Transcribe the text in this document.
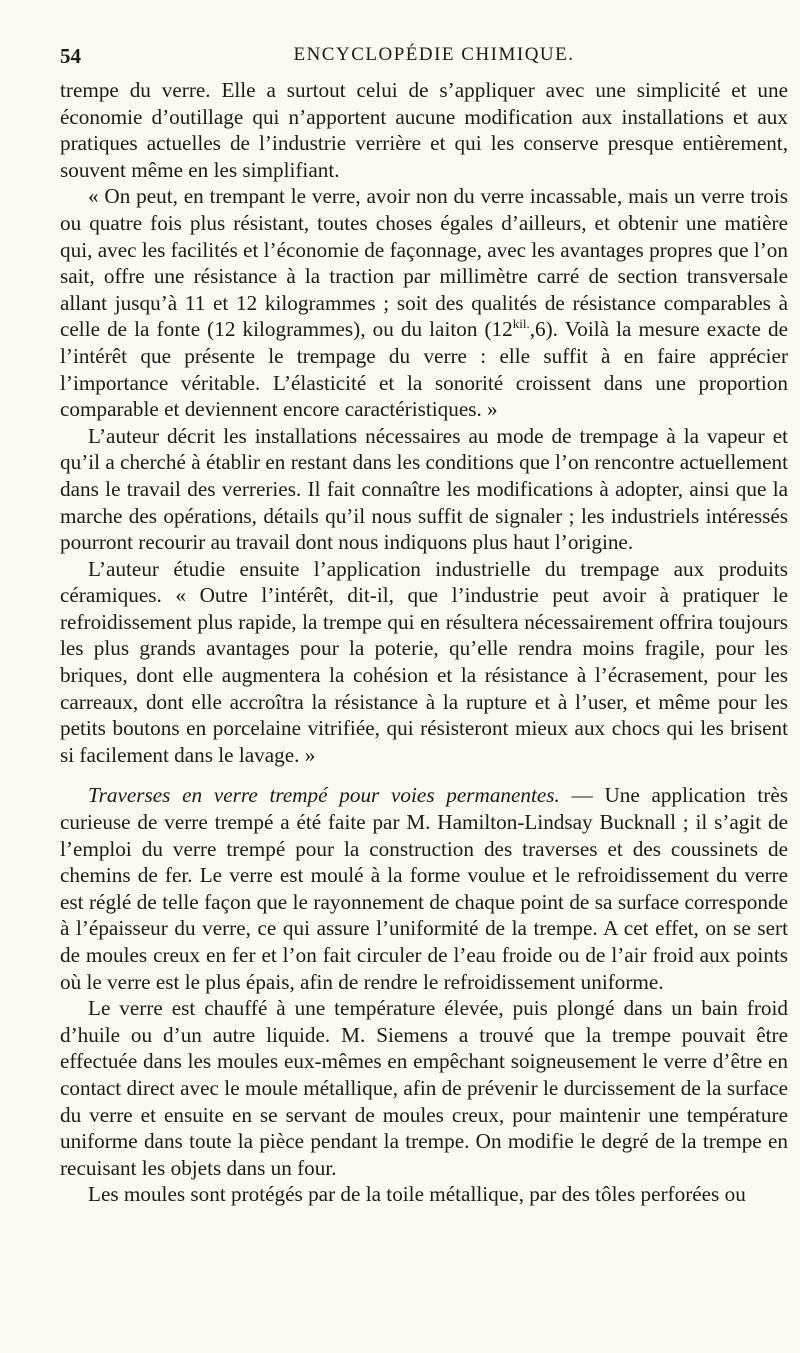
54	ENCYCLOPÉDIE CHIMIQUE.

trempe du verre. Elle a surtout celui de s’appliquer avec une simplicité et une économie d’outillage qui n’apportent aucune modification aux installations et aux pratiques actuelles de l’industrie verrière et qui les conserve presque entièrement, souvent même en les simplifiant.

« On peut, en trempant le verre, avoir non du verre incassable, mais un verre trois ou quatre fois plus résistant, toutes choses égales d’ailleurs, et obtenir une matière qui, avec les facilités et l’économie de façonnage, avec les avantages propres que l’on sait, offre une résistance à la traction par millimètre carré de section transversale allant jusqu’à 11 et 12 kilogrammes ; soit des qualités de résistance comparables à celle de la fonte (12 kilogrammes), ou du laiton $(12^{kil.},6)$. Voilà la mesure exacte de l’intérêt que présente le trempage du verre : elle suffit à en faire apprécier l’importance véritable. L’élasticité et la sonorité croissent dans une proportion comparable et deviennent encore caractéristiques. »

L’auteur décrit les installations nécessaires au mode de trempage à la vapeur et qu’il a cherché à établir en restant dans les conditions que l’on rencontre actuellement dans le travail des verreries. Il fait connaître les modifications à adopter, ainsi que la marche des opérations, détails qu’il nous suffit de signaler ; les industriels intéressés pourront recourir au travail dont nous indiquons plus haut l’origine.

L’auteur étudie ensuite l’application industrielle du trempage aux produits céramiques. « Outre l’intérêt, dit-il, que l’industrie peut avoir à pratiquer le refroidissement plus rapide, la trempe qui en résultera nécessairement offrira toujours les plus grands avantages pour la poterie, qu’elle rendra moins fragile, pour les briques, dont elle augmentera la cohésion et la résistance à l’écrasement, pour les carreaux, dont elle accroîtra la résistance à la rupture et à l’user, et même pour les petits boutons en porcelaine vitrifiée, qui résisteront mieux aux chocs qui les brisent si facilement dans le lavage. »

Traverses en verre trempé pour voies permanentes. — Une application très curieuse de verre trempé a été faite par M. Hamilton-Lindsay Bucknall ; il s’agit de l’emploi du verre trempé pour la construction des traverses et des coussinets de chemins de fer. Le verre est moulé à la forme voulue et le refroidissement du verre est réglé de telle façon que le rayonnement de chaque point de sa surface corresponde à l’épaisseur du verre, ce qui assure l’uniformité de la trempe. A cet effet, on se sert de moules creux en fer et l’on fait circuler de l’eau froide ou de l’air froid aux points où le verre est le plus épais, afin de rendre le refroidissement uniforme.

Le verre est chauffé à une température élevée, puis plongé dans un bain froid d’huile ou d’un autre liquide. M. Siemens a trouvé que la trempe pouvait être effectuée dans les moules eux-mêmes en empêchant soigneusement le verre d’être en contact direct avec le moule métallique, afin de prévenir le durcissement de la surface du verre et ensuite en se servant de moules creux, pour maintenir une température uniforme dans toute la pièce pendant la trempe. On modifie le degré de la trempe en recuisant les objets dans un four.

Les moules sont protégés par de la toile métallique, par des tôles perforées ou
